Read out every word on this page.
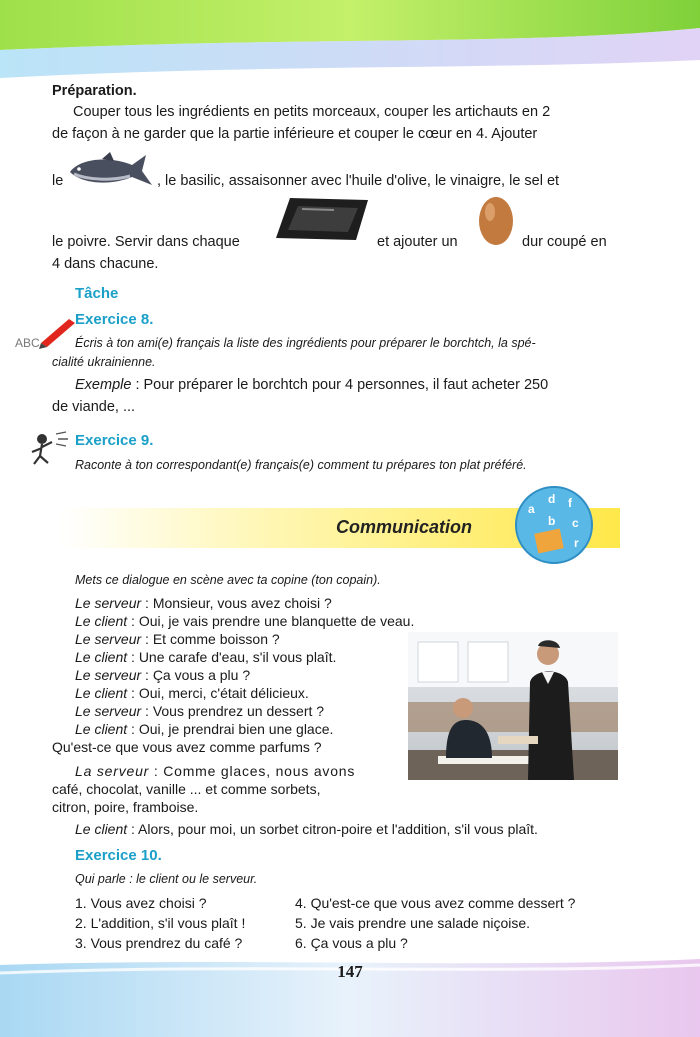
Préparation.
Couper tous les ingrédients en petits morceaux, couper les artichauts en 2
de façon à ne garder que la partie inférieure et couper le cœur en 4. Ajouter
le	, le basilic, assaisonner avec l'huile d'olive, le vinaigre, le sel et
le poivre. Servir dans chaque	et ajouter un	dur coupé en
4 dans chacune.
Tâche
ABC
Exercice 8.
Écris à ton ami(e) français la liste des ingrédients pour préparer le borchtch, la spé-
cialité ukrainienne.
Exemple : Pour préparer le borchtch pour 4 personnes, il faut acheter 250
de viande, ...
Exercice 9.
Raconte à ton correspondant(e) français(e) comment tu prépares ton plat préféré.
Communication
a
d f
b c
r
Mets ce dialogue en scène avec ta copine (ton copain).
Le serveur : Monsieur, vous avez choisi ?
Le client : Oui, je vais prendre une blanquette de veau.
Le serveur : Et comme boisson ?
Le client : Une carafe d'eau, s'il vous plaît.
Le serveur : Ça vous a plu ?
Le client : Oui, merci, c'était délicieux.
Le serveur : Vous prendrez un dessert ?
Le client : Oui, je prendrai bien une glace.
Qu'est-ce que vous avez comme parfums ?
La serveur : Comme glaces, nous avons
café, chocolat, vanille ... et comme sorbets,
citron, poire, framboise.
Le client : Alors, pour moi, un sorbet citron-poire et l'addition, s'il vous plaît.
Exercice 10.
Qui parle : le client ou le serveur.
1. Vous avez choisi ?
2. L'addition, s'il vous plaît !
3. Vous prendrez du café ?
4. Qu'est-ce que vous avez comme dessert ?
5. Je vais prendre une salade niçoise.
6. Ça vous a plu ?
147
